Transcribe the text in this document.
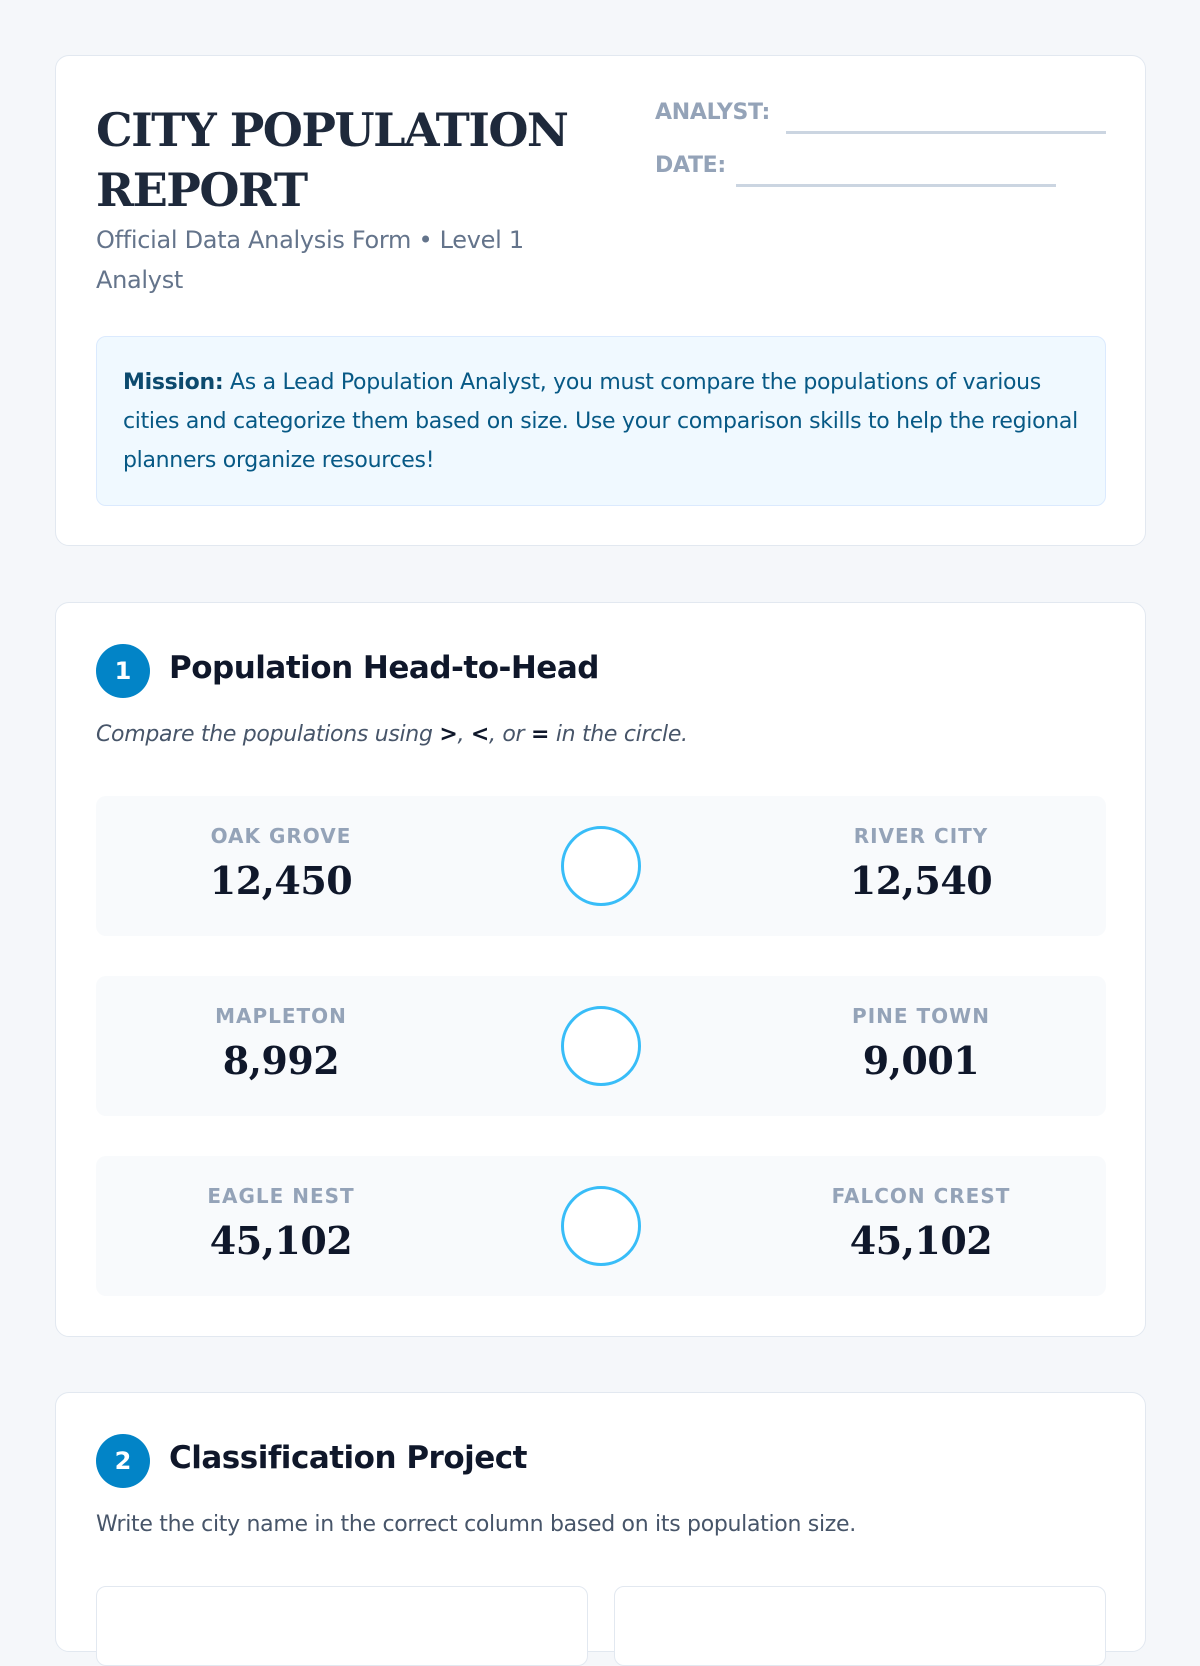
CITY POPULATION REPORT
Official Data Analysis Form • Level 1 Analyst
ANALYST:
DATE:
Mission: As a Lead Population Analyst, you must compare the populations of various cities and categorize them based on size. Use your comparison skills to help the regional planners organize resources!
1	Population Head-to-Head
Compare the populations using >, <, or = in the circle.
OAK GROVE
12,450
RIVER CITY
12,540
MAPLETON
8,992
PINE TOWN
9,001
EAGLE NEST
45,102
FALCON CREST
45,102
2	Classification Project
Write the city name in the correct column based on its population size.
